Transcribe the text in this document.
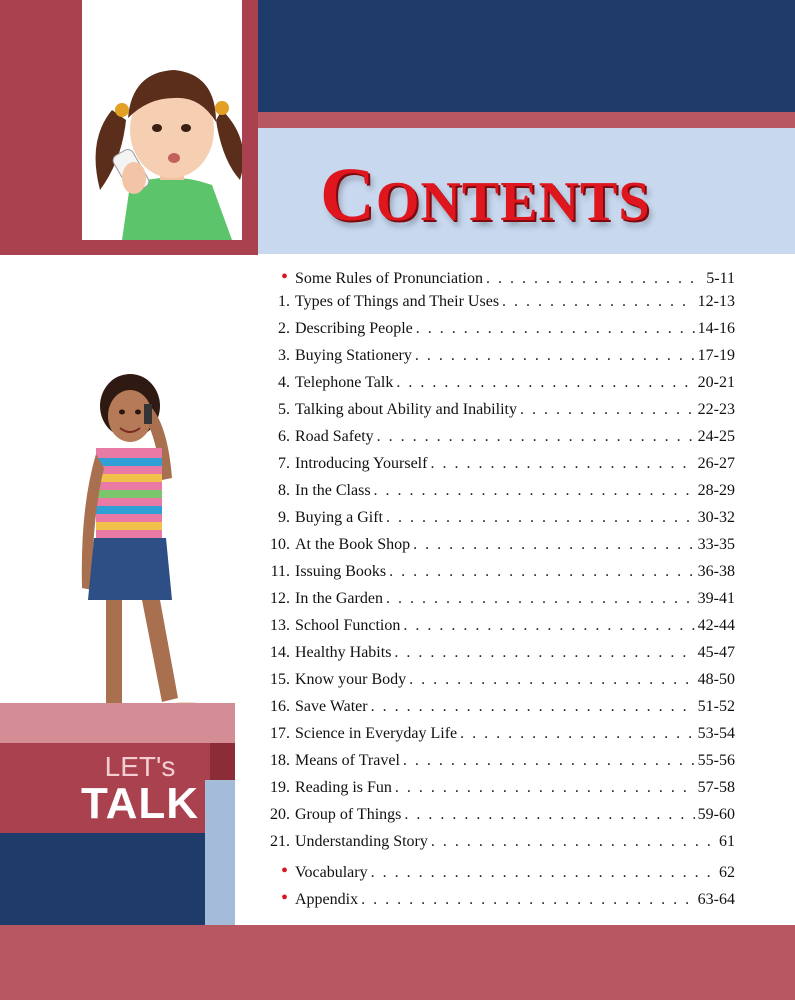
CONTENTS
LET's
TALK
• Some Rules of Pronunciation . . .	5-11
1. Types of Things and Their Uses . . .	12-13
2. Describing People . . .	14-16
3. Buying Stationery . . .	17-19
4. Telephone Talk . . .	20-21
5. Talking about Ability and Inability . . .	22-23
6. Road Safety . . .	24-25
7. Introducing Yourself . . .	26-27
8. In the Class . . .	28-29
9. Buying a Gift . . .	30-32
10. At the Book Shop . . .	33-35
11. Issuing Books . . .	36-38
12. In the Garden . . .	39-41
13. School Function . . .	42-44
14. Healthy Habits . . .	45-47
15. Know your Body . . .	48-50
16. Save Water . . .	51-52
17. Science in Everyday Life . . .	53-54
18. Means of Travel . . .	55-56
19. Reading is Fun . . .	57-58
20. Group of Things . . .	59-60
21. Understanding Story . . .	61
• Vocabulary . . .	62
• Appendix . . .	63-64
